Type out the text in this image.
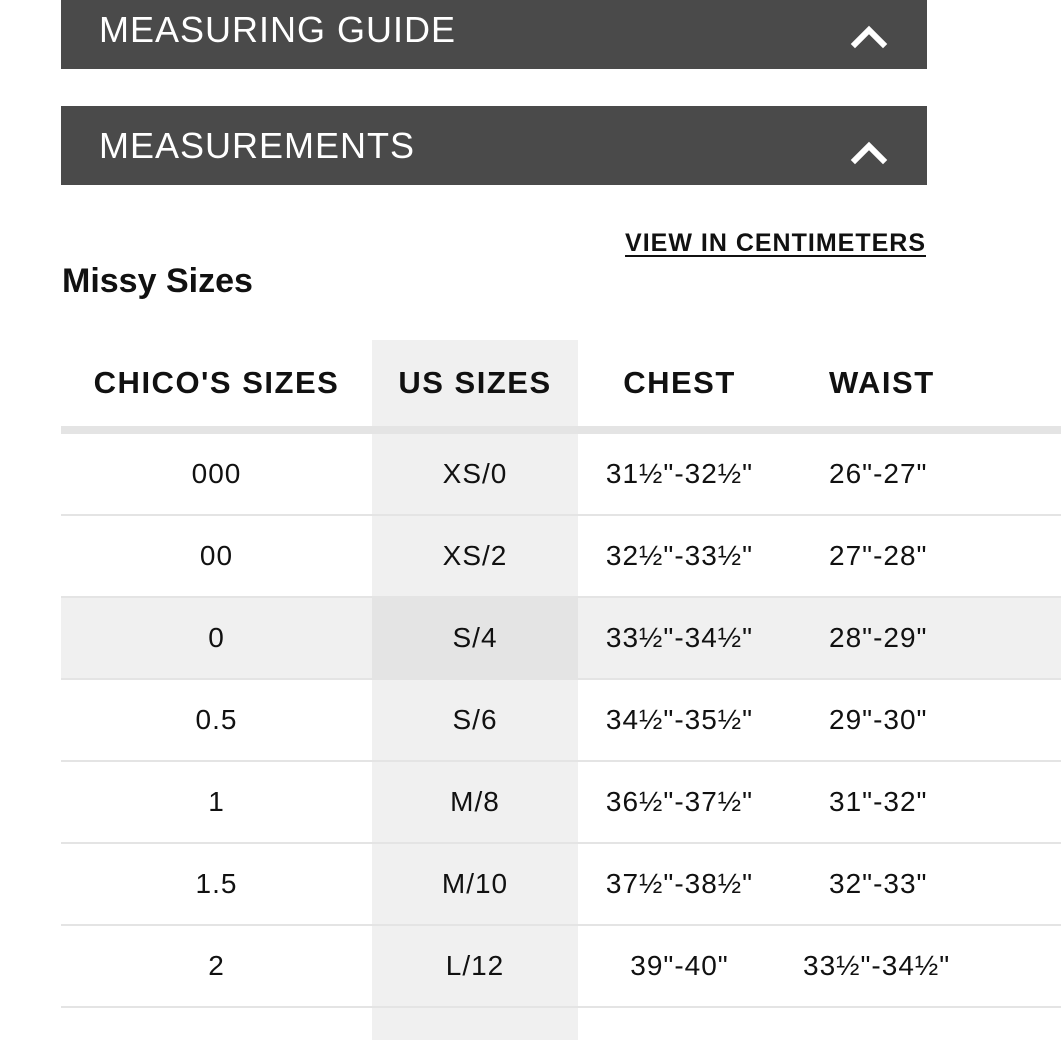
MEASURING GUIDE
MEASUREMENTS
VIEW IN CENTIMETERS
Missy Sizes
CHICO'S SIZES	US SIZES	CHEST	WAIST
000	XS/0	31½"-32½"	26"-27"
00	XS/2	32½"-33½"	27"-28"
0	S/4	33½"-34½"	28"-29"
0.5	S/6	34½"-35½"	29"-30"
1	M/8	36½"-37½"	31"-32"
1.5	M/10	37½"-38½"	32"-33"
2	L/12	39"-40"	33½"-34½"
